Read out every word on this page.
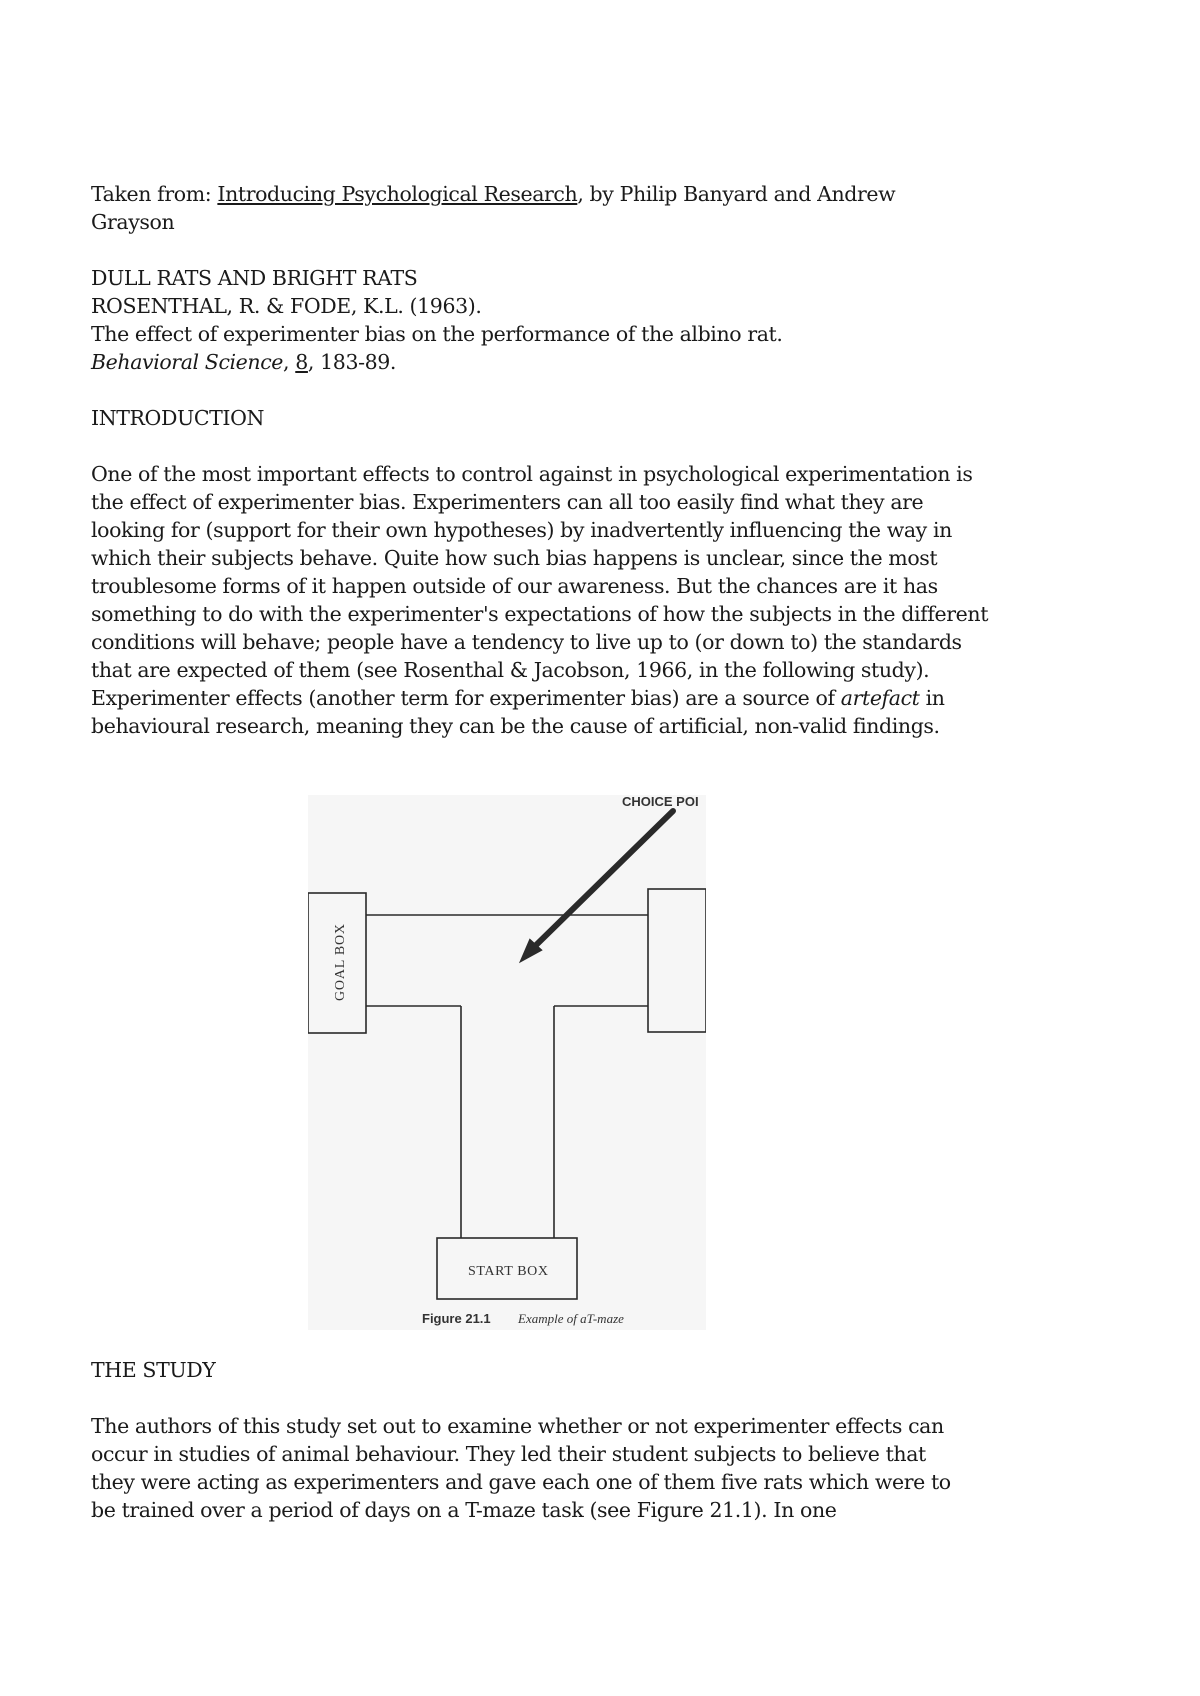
Taken from: Introducing Psychological Research, by Philip Banyard and Andrew
Grayson
DULL RATS AND BRIGHT RATS
ROSENTHAL, R. & FODE, K.L. (1963).
The effect of experimenter bias on the performance of the albino rat.
Behavioral Science, 8, 183-89.
INTRODUCTION
One of the most important effects to control against in psychological experimentation is
the effect of experimenter bias. Experimenters can all too easily find what they are
looking for (support for their own hypotheses) by inadvertently influencing the way in
which their subjects behave. Quite how such bias happens is unclear, since the most
troublesome forms of it happen outside of our awareness. But the chances are it has
something to do with the experimenter's expectations of how the subjects in the different
conditions will behave; people have a tendency to live up to (or down to) the standards
that are expected of them (see Rosenthal & Jacobson, 1966, in the following study).
Experimenter effects (another term for experimenter bias) are a source of artefact in
behavioural research, meaning they can be the cause of artificial, non-valid findings.
CHOICE POI
GOAL BOX
START BOX
Figure 21.1 Example of aT-maze
THE STUDY
The authors of this study set out to examine whether or not experimenter effects can
occur in studies of animal behaviour. They led their student subjects to believe that
they were acting as experimenters and gave each one of them five rats which were to
be trained over a period of days on a T-maze task (see Figure 21.1). In one
